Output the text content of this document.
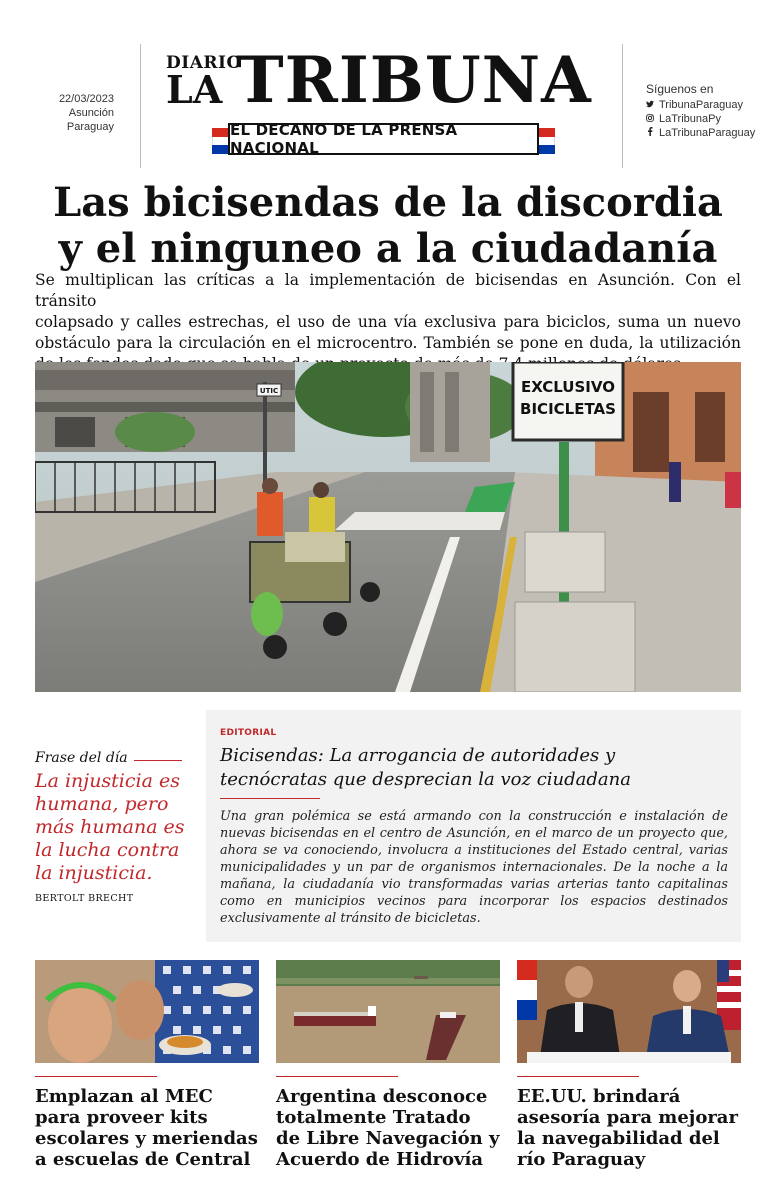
22/03/2023
Asunción
Paraguay
DIARIO
LA TRIBUNA
EL DECANO DE LA PRENSA NACIONAL
Síguenos en
TribunaParaguay
LaTribunaPy
LaTribunaParaguay
Las bicisendas de la discordia
y el ninguneo a la ciudadanía
Se multiplican las críticas a la implementación de bicisendas en Asunción. Con el tránsito
colapsado y calles estrechas, el uso de una vía exclusiva para biciclos, suma un nuevo
obstáculo para la circulación en el microcentro. También se pone en duda, la utilización
UTIC	EXCLUSIVO
BICICLETAS
Frase del día
La injusticia es humana, pero más humana es la lucha contra la injusticia.
BERTOLT BRECHT
EDITORIAL
Bicisendas: La arrogancia de autoridades y
tecnócratas que desprecian la voz ciudadana
Una gran polémica se está armando con la construcción e instalación de
nuevas bicisendas en el centro de Asunción, en el marco de un proyecto que,
ahora se va conociendo, involucra a instituciones del Estado central, varias
municipalidades y un par de organismos internacionales. De la noche a la
mañana, la ciudadanía vio transformadas varias arterias tanto capitalinas
como en municipios vecinos para incorporar los espacios destinados
exclusivamente al tránsito de bicicletas.
Emplazan al MEC para proveer kits escolares y meriendas a escuelas de Central
Argentina desconoce totalmente Tratado de Libre Navegación y Acuerdo de Hidrovía
EE.UU. brindará asesoría para mejorar la navegabilidad del río Paraguay
